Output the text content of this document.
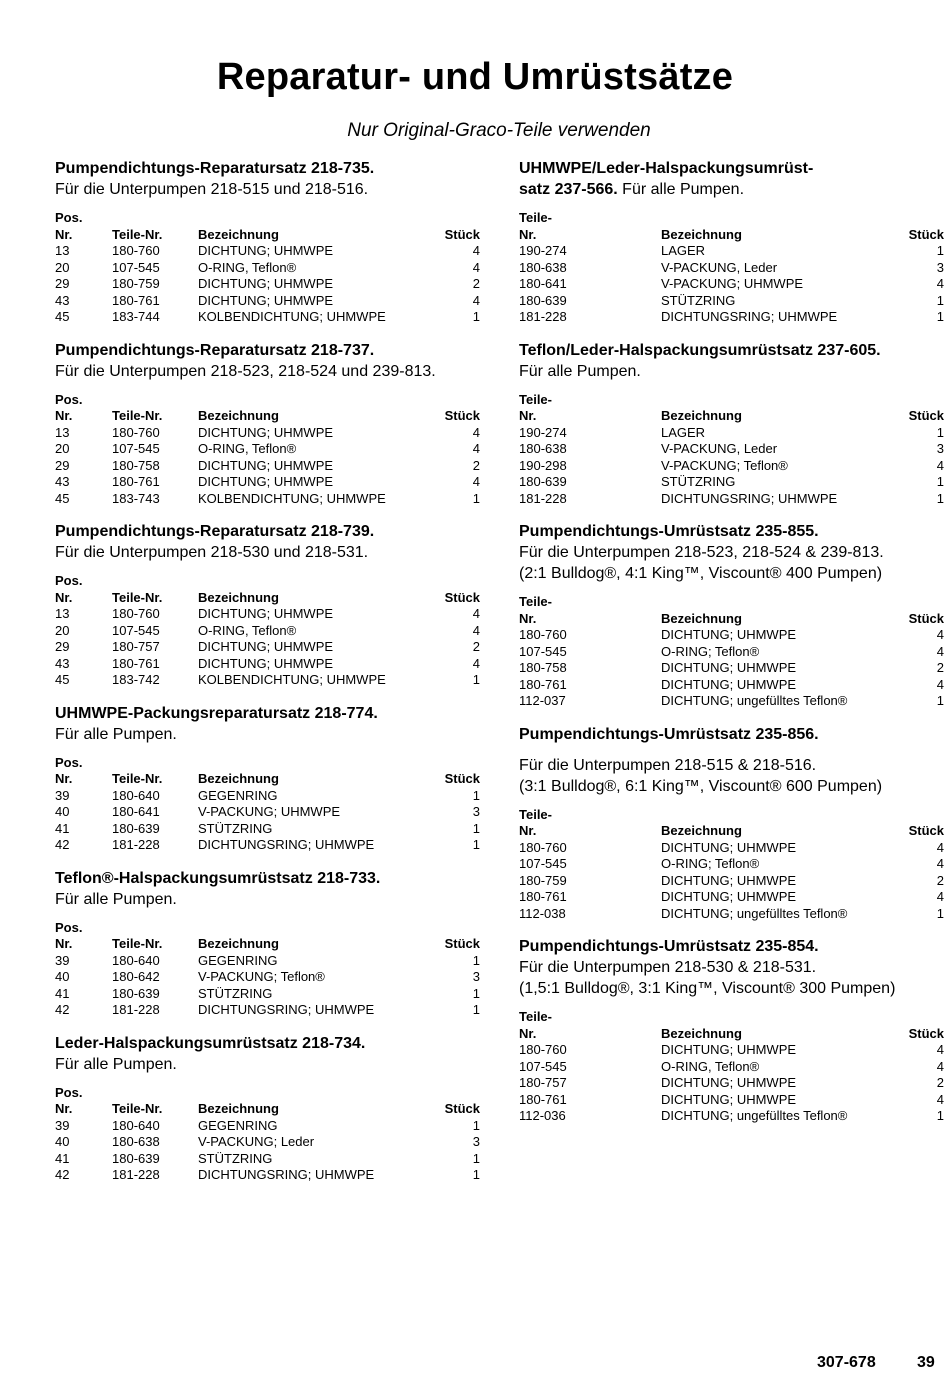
Reparatur- und Umrüstsätze
Nur Original-Graco-Teile verwenden
Pumpendichtungs-Reparatursatz 218-735.
Für die Unterpumpen 218-515 und 218-516.
Pos.
Nr.	Teile-Nr.	Bezeichnung	Stück
13	180-760	DICHTUNG; UHMWPE	4
20	107-545	O-RING, Teflon®	4
29	180-759	DICHTUNG; UHMWPE	2
43	180-761	DICHTUNG; UHMWPE	4
45	183-744	KOLBENDICHTUNG; UHMWPE	1
Pumpendichtungs-Reparatursatz 218-737.
Für die Unterpumpen 218-523, 218-524 und 239-813.
Pos.
Nr.	Teile-Nr.	Bezeichnung	Stück
13	180-760	DICHTUNG; UHMWPE	4
20	107-545	O-RING, Teflon®	4
29	180-758	DICHTUNG; UHMWPE	2
43	180-761	DICHTUNG; UHMWPE	4
45	183-743	KOLBENDICHTUNG; UHMWPE	1
Pumpendichtungs-Reparatursatz 218-739.
Für die Unterpumpen 218-530 und 218-531.
Pos.
Nr.	Teile-Nr.	Bezeichnung	Stück
13	180-760	DICHTUNG; UHMWPE	4
20	107-545	O-RING, Teflon®	4
29	180-757	DICHTUNG; UHMWPE	2
43	180-761	DICHTUNG; UHMWPE	4
45	183-742	KOLBENDICHTUNG; UHMWPE	1
UHMWPE-Packungsreparatursatz 218-774.
Für alle Pumpen.
Pos.
Nr.	Teile-Nr.	Bezeichnung	Stück
39	180-640	GEGENRING	1
40	180-641	V-PACKUNG; UHMWPE	3
41	180-639	STÜTZRING	1
42	181-228	DICHTUNGSRING; UHMWPE	1
Teflon®-Halspackungsumrüstsatz 218-733.
Für alle Pumpen.
Pos.
Nr.	Teile-Nr.	Bezeichnung	Stück
39	180-640	GEGENRING	1
40	180-642	V-PACKUNG; Teflon®	3
41	180-639	STÜTZRING	1
42	181-228	DICHTUNGSRING; UHMWPE	1
Leder-Halspackungsumrüstsatz 218-734.
Für alle Pumpen.
Pos.
Nr.	Teile-Nr.	Bezeichnung	Stück
39	180-640	GEGENRING	1
40	180-638	V-PACKUNG; Leder	3
41	180-639	STÜTZRING	1
42	181-228	DICHTUNGSRING; UHMWPE	1
UHMWPE/Leder-Halspackungsumrüst-
satz 237-566. Für alle Pumpen.
Teile-
Nr.	Bezeichnung	Stück
190-274	LAGER	1
180-638	V-PACKUNG, Leder	3
180-641	V-PACKUNG; UHMWPE	4
180-639	STÜTZRING	1
181-228	DICHTUNGSRING; UHMWPE	1
Teflon/Leder-Halspackungsumrüstsatz 237-605.
Für alle Pumpen.
Teile-
Nr.	Bezeichnung	Stück
190-274	LAGER	1
180-638	V-PACKUNG, Leder	3
190-298	V-PACKUNG; Teflon®	4
180-639	STÜTZRING	1
181-228	DICHTUNGSRING; UHMWPE	1
Pumpendichtungs-Umrüstsatz 235-855.
Für die Unterpumpen 218-523, 218-524 & 239-813.
(2:1 Bulldog®, 4:1 King™, Viscount® 400 Pumpen)
Teile-
Nr.	Bezeichnung	Stück
180-760	DICHTUNG; UHMWPE	4
107-545	O-RING; Teflon®	4
180-758	DICHTUNG; UHMWPE	2
180-761	DICHTUNG; UHMWPE	4
112-037	DICHTUNG; ungefülltes Teflon®	1
Pumpendichtungs-Umrüstsatz 235-856.
Für die Unterpumpen 218-515 & 218-516.
(3:1 Bulldog®, 6:1 King™, Viscount® 600 Pumpen)
Teile-
Nr.	Bezeichnung	Stück
180-760	DICHTUNG; UHMWPE	4
107-545	O-RING; Teflon®	4
180-759	DICHTUNG; UHMWPE	2
180-761	DICHTUNG; UHMWPE	4
112-038	DICHTUNG; ungefülltes Teflon®	1
Pumpendichtungs-Umrüstsatz 235-854.
Für die Unterpumpen 218-530 & 218-531.
(1,5:1 Bulldog®, 3:1 King™, Viscount® 300 Pumpen)
Teile-
Nr.	Bezeichnung	Stück
180-760	DICHTUNG; UHMWPE	4
107-545	O-RING, Teflon®	4
180-757	DICHTUNG; UHMWPE	2
180-761	DICHTUNG; UHMWPE	4
112-036	DICHTUNG; ungefülltes Teflon®	1
307-678	39
